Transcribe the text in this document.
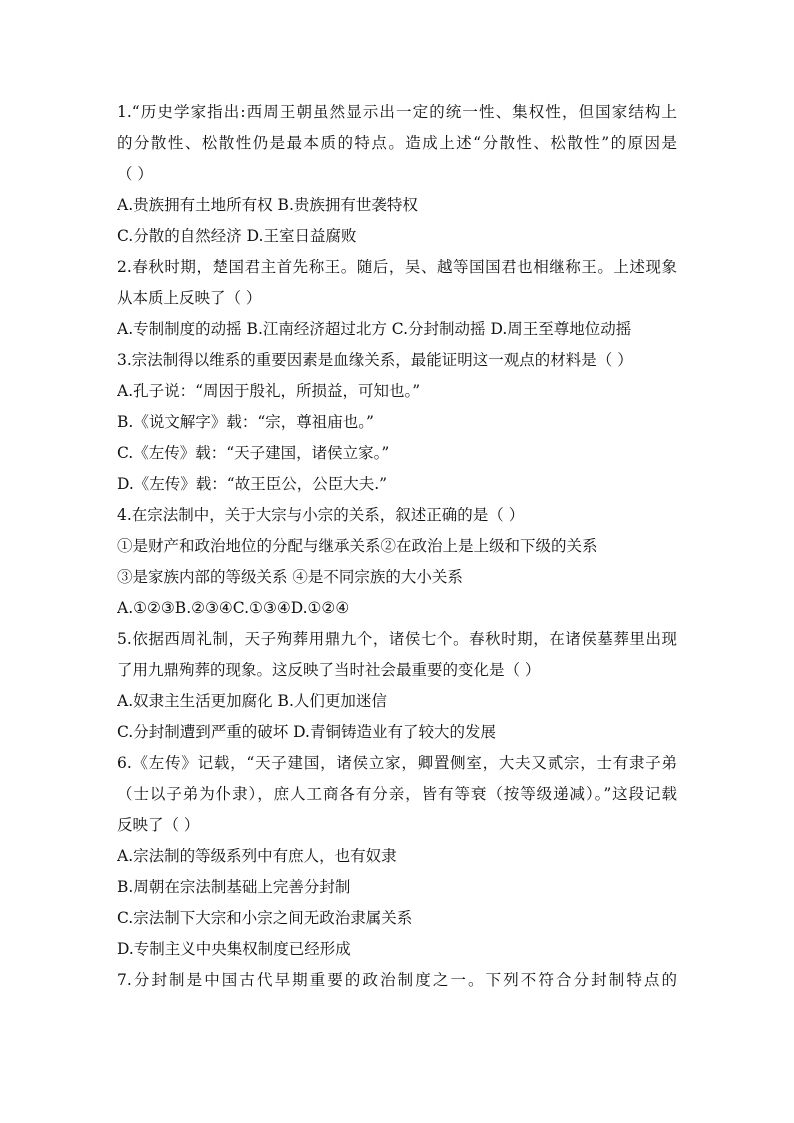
1.“历史学家指出:西周王朝虽然显示出一定的统一性、集权性，但国家结构上
的分散性、松散性仍是最本质的特点。造成上述“分散性、松散性”的原因是
（ ）
A.贵族拥有土地所有权 B.贵族拥有世袭特权
C.分散的自然经济 D.王室日益腐败
2.春秋时期，楚国君主首先称王。随后，吴、越等国国君也相继称王。上述现象
从本质上反映了（ ）
A.专制制度的动摇 B.江南经济超过北方 C.分封制动摇 D.周王至尊地位动摇
3.宗法制得以维系的重要因素是血缘关系，最能证明这一观点的材料是（ ）
A.孔子说：“周因于殷礼，所损益，可知也。”
B.《说文解字》载：“宗，尊祖庙也。”
C.《左传》载：“天子建国，诸侯立家。”
D.《左传》载：“故王臣公，公臣大夫.”
4.在宗法制中，关于大宗与小宗的关系，叙述正确的是（ ）
①是财产和政治地位的分配与继承关系②在政治上是上级和下级的关系
③是家族内部的等级关系 ④是不同宗族的大小关系
A.①②③B.②③④C.①③④D.①②④
5.依据西周礼制，天子殉葬用鼎九个，诸侯七个。春秋时期，在诸侯墓葬里出现
了用九鼎殉葬的现象。这反映了当时社会最重要的变化是（ ）
A.奴隶主生活更加腐化 B.人们更加迷信
C.分封制遭到严重的破坏 D.青铜铸造业有了较大的发展
6.《左传》记载，“天子建国，诸侯立家，卿置侧室，大夫又贰宗，士有隶子弟
（士以子弟为仆隶），庶人工商各有分亲，皆有等衰（按等级递减）。”这段记载
反映了（ ）
A.宗法制的等级系列中有庶人，也有奴隶
B.周朝在宗法制基础上完善分封制
C.宗法制下大宗和小宗之间无政治隶属关系
D.专制主义中央集权制度已经形成
7.分封制是中国古代早期重要的政治制度之一。下列不符合分封制特点的
